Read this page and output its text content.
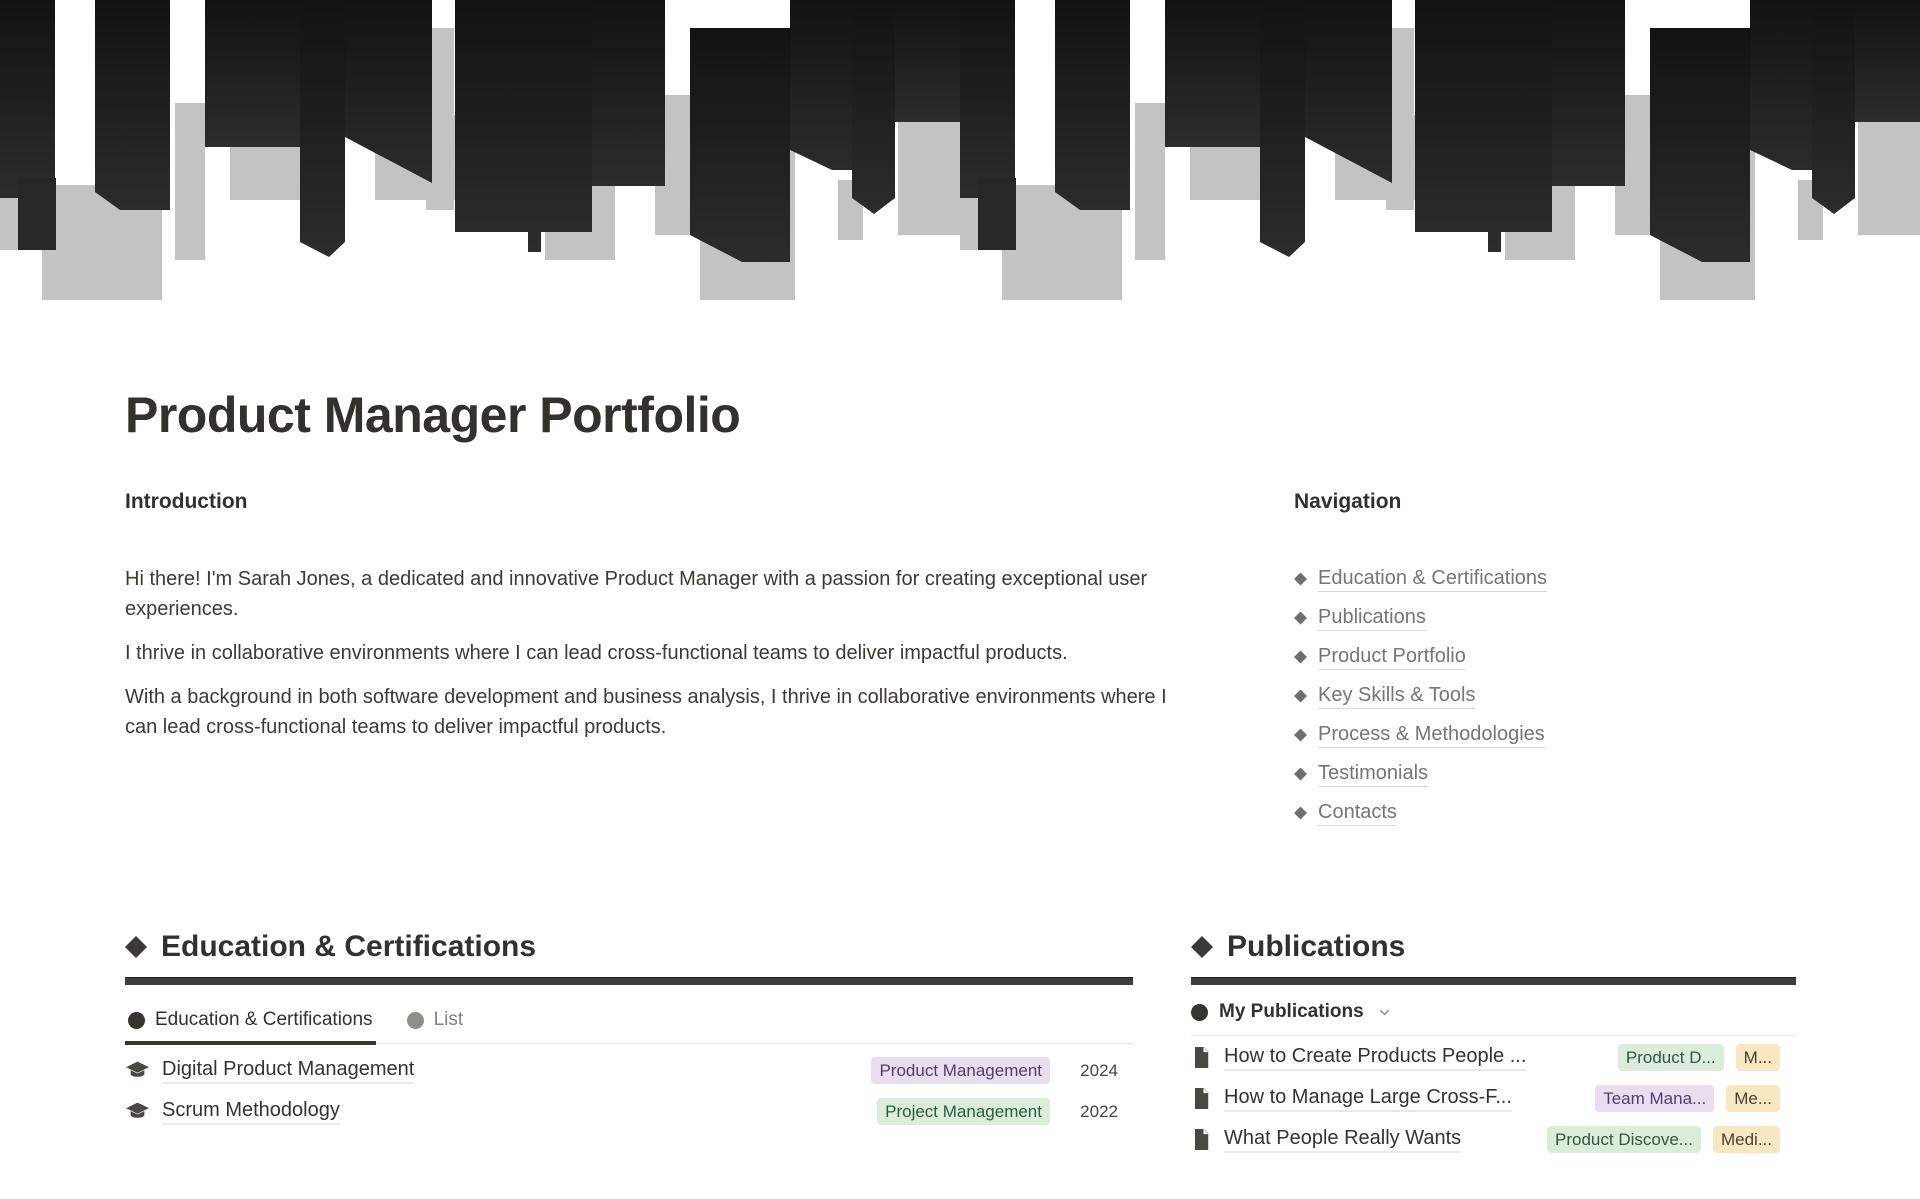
Product Manager Portfolio
Introduction

Hi there! I'm Sarah Jones, a dedicated and innovative Product Manager with a passion for creating exceptional user experiences.

I thrive in collaborative environments where I can lead cross-functional teams to deliver impactful products.

With a background in both software development and business analysis, I thrive in collaborative environments where I can lead cross-functional teams to deliver impactful products.

Navigation
Education & Certifications
Publications
Product Portfolio
Key Skills & Tools
Process & Methodologies
Testimonials
Contacts
Education & Certifications
Education & Certifications	List
Digital Product Management	Product Management	2024
Scrum Methodology	Project Management	2022
Publications
My Publications
How to Create Products People ...	Product D...	M...
How to Manage Large Cross-F...	Team Mana...	Me...
What People Really Wants	Product Discove...	Medi...
